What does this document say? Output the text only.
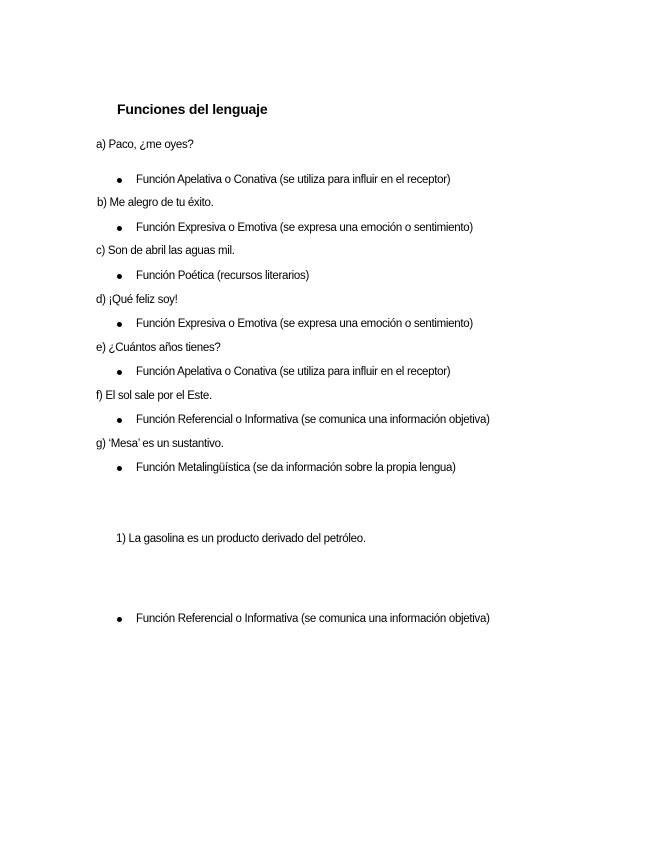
Funciones del lenguaje
a) Paco, ¿me oyes?
Función Apelativa o Conativa (se utiliza para influir en el receptor)
b) Me alegro de tu éxito.
Función Expresiva o Emotiva (se expresa una emoción o sentimiento)
c) Son de abril las aguas mil.
Función Poética (recursos literarios)
d) ¡Qué feliz soy!
Función Expresiva o Emotiva (se expresa una emoción o sentimiento)
e) ¿Cuántos años tienes?
Función Apelativa o Conativa (se utiliza para influir en el receptor)
f) El sol sale por el Este.
Función Referencial o Informativa (se comunica una información objetiva)
g) ‘Mesa’ es un sustantivo.
Función Metalingüística (se da información sobre la propia lengua)
1) La gasolina es un producto derivado del petróleo.
Función Referencial o Informativa (se comunica una información objetiva)
